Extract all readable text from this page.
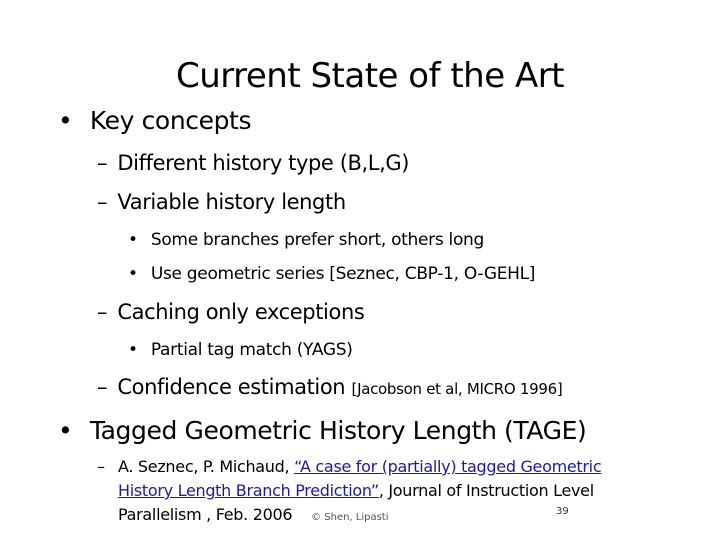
Current State of the Art
• Key concepts
– Different history type (B,L,G)
– Variable history length
• Some branches prefer short, others long
• Use geometric series [Seznec, CBP-1, O-GEHL]
– Caching only exceptions
• Partial tag match (YAGS)
– Confidence estimation [Jacobson et al, MICRO 1996]
• Tagged Geometric History Length (TAGE)
– A. Seznec, P. Michaud, “A case for (partially) tagged Geometric
History Length Branch Prediction”, Journal of Instruction Level
Parallelism , Feb. 2006 © Shen, Lipasti
39
